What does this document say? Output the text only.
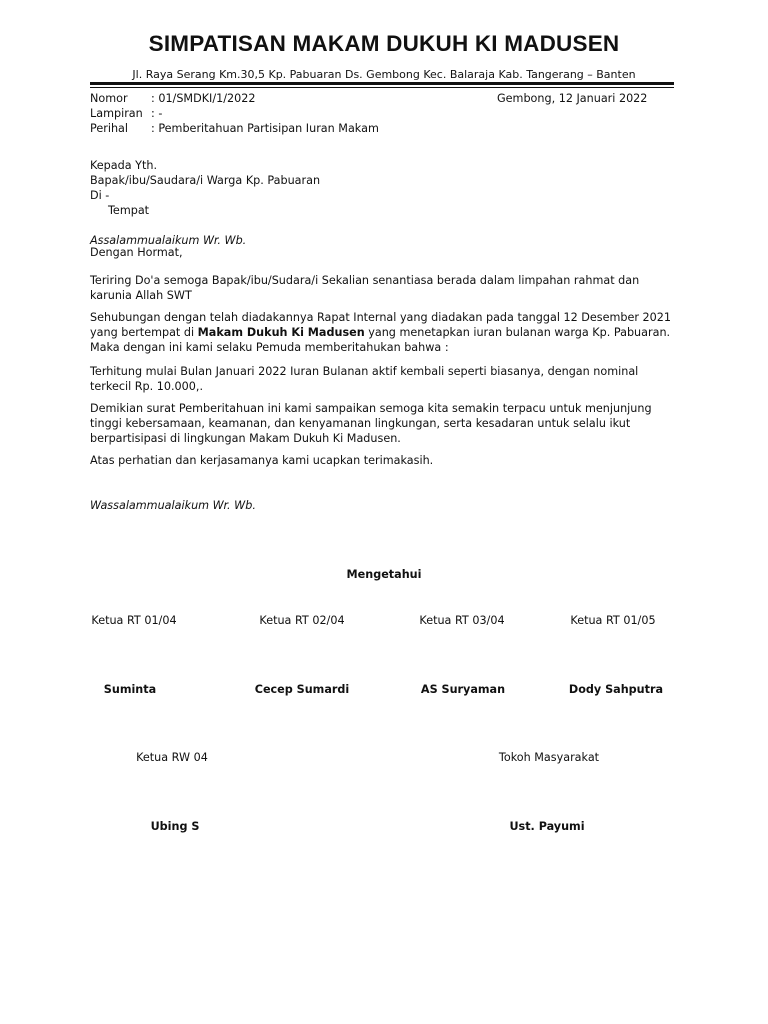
SIMPATISAN MAKAM DUKUH KI MADUSEN
Jl. Raya Serang Km.30,5 Kp. Pabuaran Ds. Gembong Kec. Balaraja Kab. Tangerang – Banten
Nomor : 01/SMDKI/1/2022	Gembong, 12 Januari 2022
Lampiran : -
Perihal : Pemberitahuan Partisipan Iuran Makam
Kepada Yth.
Bapak/ibu/Saudara/i Warga Kp. Pabuaran
Di -
Tempat
Assalammualaikum Wr. Wb.
Dengan Hormat,

Teriring Do'a semoga Bapak/ibu/Sudara/i Sekalian senantiasa berada dalam limpahan rahmat dan karunia Allah SWT

Sehubungan dengan telah diadakannya Rapat Internal yang diadakan pada tanggal 12 Desember 2021 yang bertempat di Makam Dukuh Ki Madusen yang menetapkan iuran bulanan warga Kp. Pabuaran. Maka dengan ini kami selaku Pemuda memberitahukan bahwa :

Terhitung mulai Bulan Januari 2022 Iuran Bulanan aktif kembali seperti biasanya, dengan nominal terkecil Rp. 10.000,.

Demikian surat Pemberitahuan ini kami sampaikan semoga kita semakin terpacu untuk menjunjung tinggi kebersamaan, keamanan, dan kenyamanan lingkungan, serta kesadaran untuk selalu ikut berpartisipasi di lingkungan Makam Dukuh Ki Madusen.

Atas perhatian dan kerjasamanya kami ucapkan terimakasih.

Wassalammualaikum Wr. Wb.
Mengetahui
Ketua RT 01/04	Ketua RT 02/04	Ketua RT 03/04	Ketua RT 01/05
Suminta	Cecep Sumardi	AS Suryaman	Dody Sahputra
Ketua RW 04	Tokoh Masyarakat
Ubing S	Ust. Payumi
